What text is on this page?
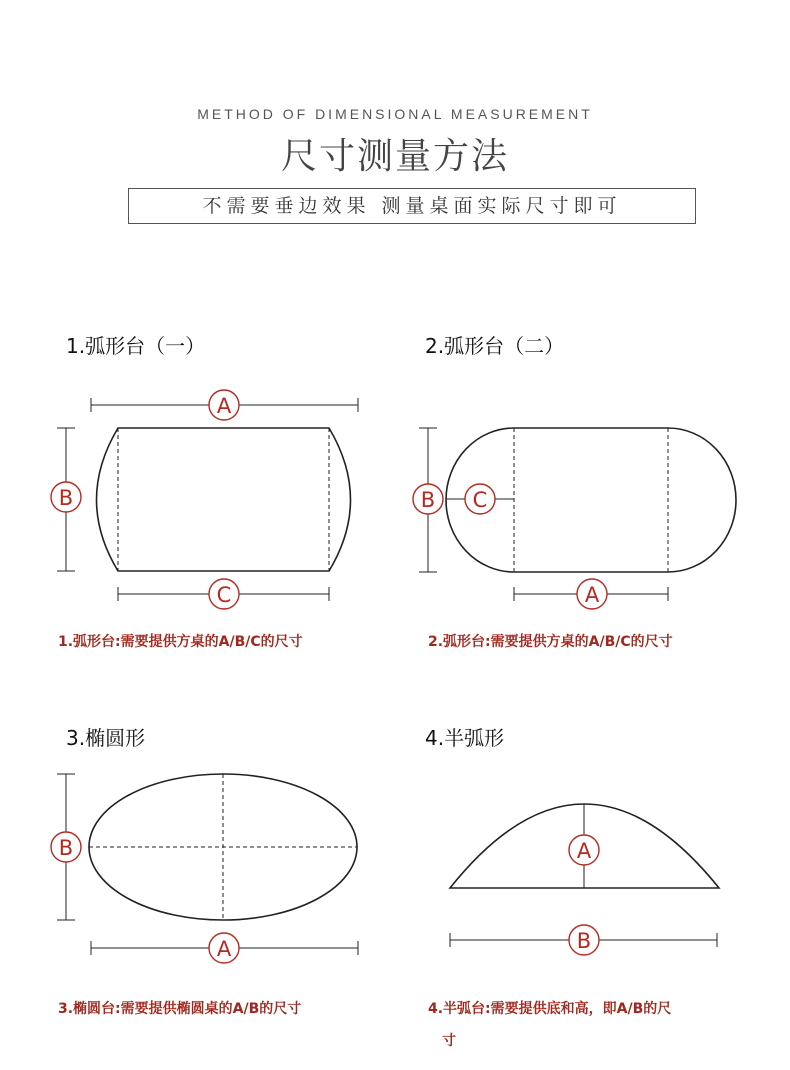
METHOD OF DIMENSIONAL MEASUREMENT
尺寸测量方法
不需要垂边效果 测量桌面实际尺寸即可
1.弧形台（一）	2.弧形台（二）
3.椭圆形	4.半弧形
1.弧形台:需要提供方桌的A/B/C的尺寸	2.弧形台:需要提供方桌的A/B/C的尺寸
3.椭圆台:需要提供椭圆桌的A/B的尺寸	4.半弧台:需要提供底和高，即A/B的尺
寸
A
B
C
B C
A
B
A
A
B
